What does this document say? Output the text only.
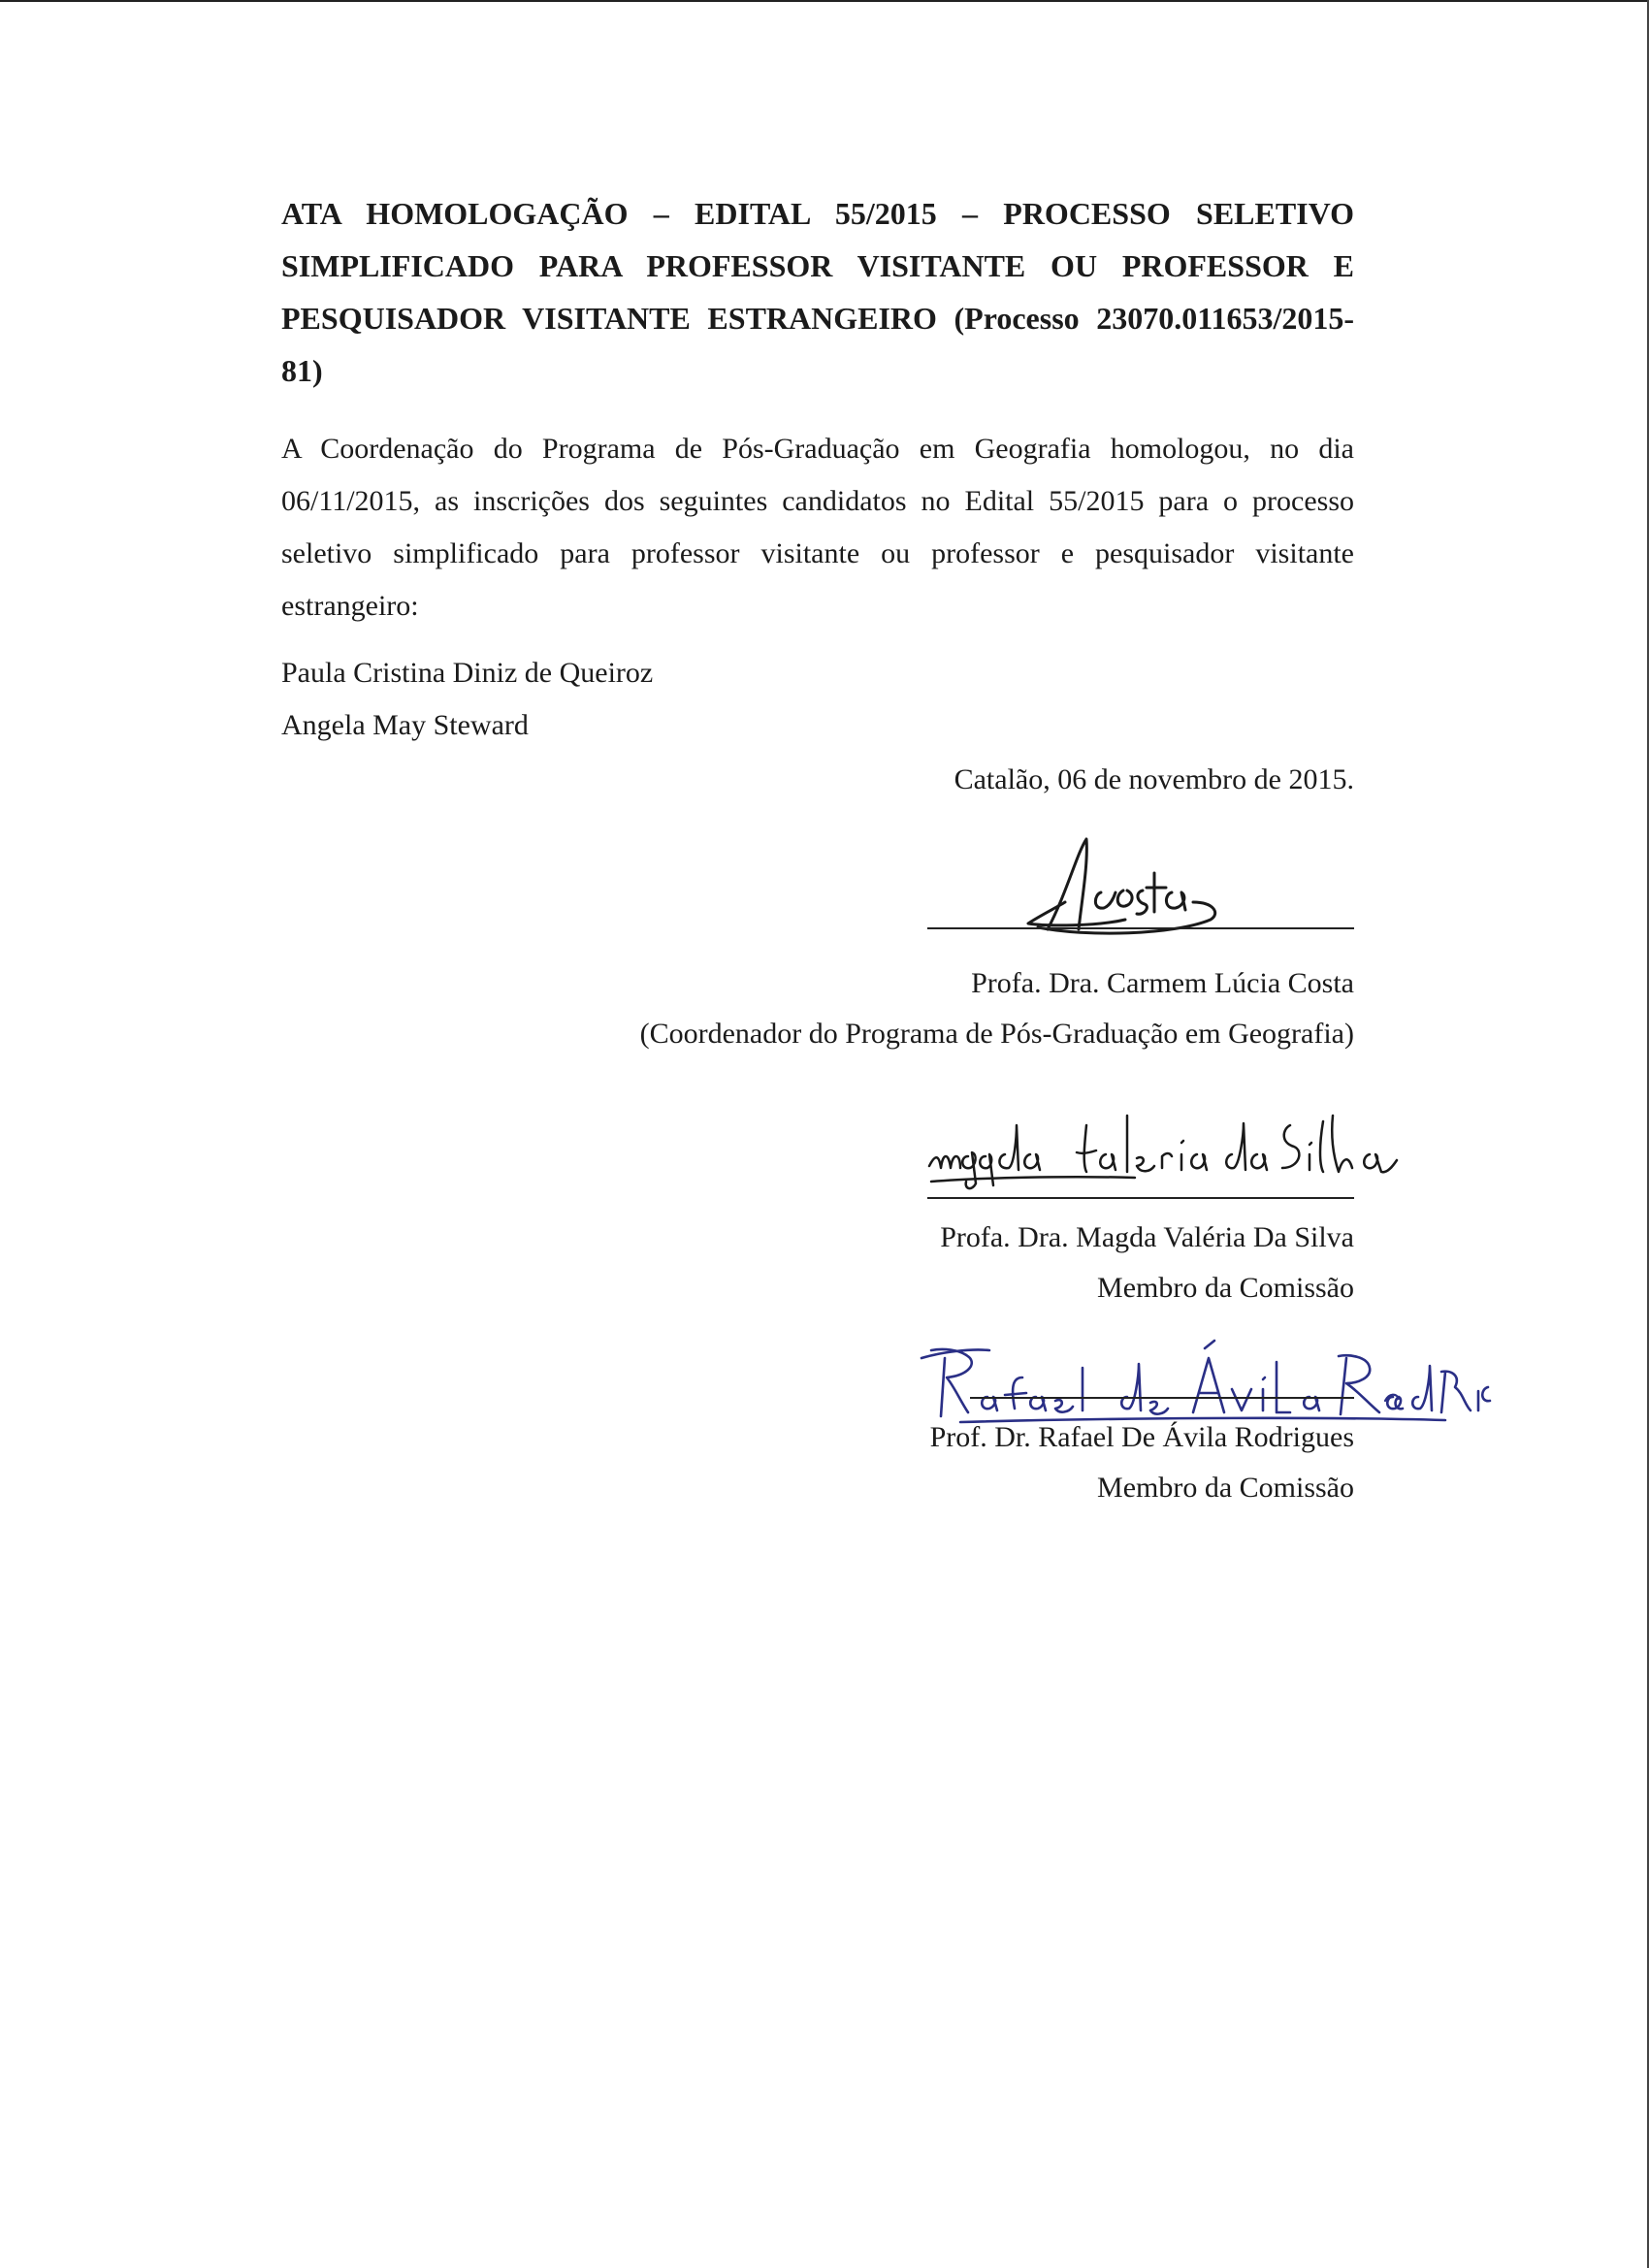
ATA HOMOLOGAÇÃO – EDITAL 55/2015 – PROCESSO SELETIVO
SIMPLIFICADO PARA PROFESSOR VISITANTE OU PROFESSOR E
PESQUISADOR VISITANTE ESTRANGEIRO (Processo 23070.011653/2015-81)
A Coordenação do Programa de Pós-Graduação em Geografia homologou, no dia
06/11/2015, as inscrições dos seguintes candidatos no Edital 55/2015 para o processo
seletivo simplificado para professor visitante ou professor e pesquisador visitante
estrangeiro:
Paula Cristina Diniz de Queiroz
Angela May Steward
Catalão, 06 de novembro de 2015.
Profa. Dra. Carmem Lúcia Costa
(Coordenador do Programa de Pós-Graduação em Geografia)
Profa. Dra. Magda Valéria Da Silva
Membro da Comissão
Prof. Dr. Rafael De Ávila Rodrigues
Membro da Comissão
